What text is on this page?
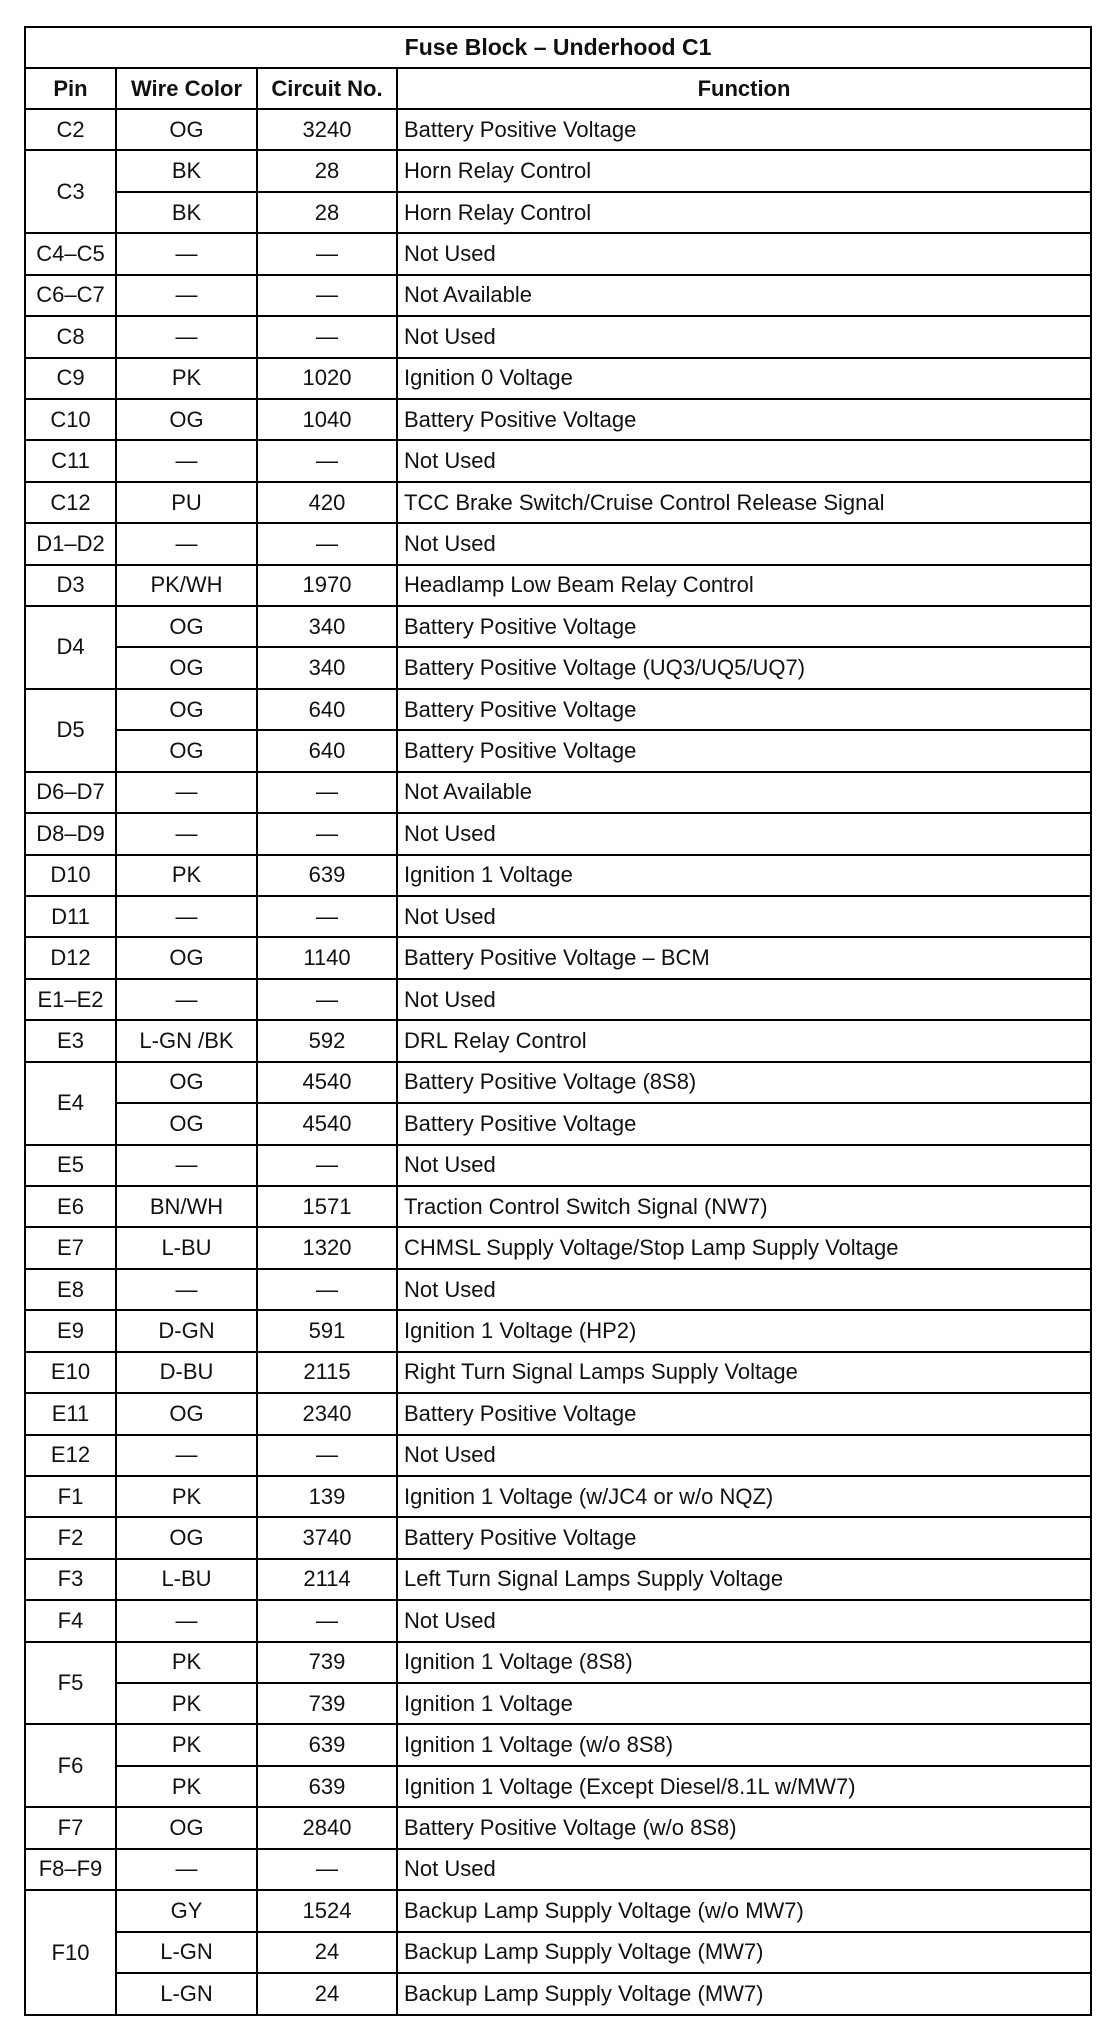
Fuse Block – Underhood C1			
Pin	Wire Color	Circuit No.	Function
C2	OG	3240	Battery Positive Voltage
C3	BK	28	Horn Relay Control
	BK	28	Horn Relay Control
C4–C5	—	—	Not Used
C6–C7	—	—	Not Available
C8	—	—	Not Used
C9	PK	1020	Ignition 0 Voltage
C10	OG	1040	Battery Positive Voltage
C11	—	—	Not Used
C12	PU	420	TCC Brake Switch/Cruise Control Release Signal
D1–D2	—	—	Not Used
D3	PK/WH	1970	Headlamp Low Beam Relay Control
D4	OG	340	Battery Positive Voltage
	OG	340	Battery Positive Voltage (UQ3/UQ5/UQ7)
D5	OG	640	Battery Positive Voltage
	OG	640	Battery Positive Voltage
D6–D7	—	—	Not Available
D8–D9	—	—	Not Used
D10	PK	639	Ignition 1 Voltage
D11	—	—	Not Used
D12	OG	1140	Battery Positive Voltage – BCM
E1–E2	—	—	Not Used
E3	L-GN /BK	592	DRL Relay Control
E4	OG	4540	Battery Positive Voltage (8S8)
	OG	4540	Battery Positive Voltage
E5	—	—	Not Used
E6	BN/WH	1571	Traction Control Switch Signal (NW7)
E7	L-BU	1320	CHMSL Supply Voltage/Stop Lamp Supply Voltage
E8	—	—	Not Used
E9	D-GN	591	Ignition 1 Voltage (HP2)
E10	D-BU	2115	Right Turn Signal Lamps Supply Voltage
E11	OG	2340	Battery Positive Voltage
E12	—	—	Not Used
F1	PK	139	Ignition 1 Voltage (w/JC4 or w/o NQZ)
F2	OG	3740	Battery Positive Voltage
F3	L-BU	2114	Left Turn Signal Lamps Supply Voltage
F4	—	—	Not Used
F5	PK	739	Ignition 1 Voltage (8S8)
	PK	739	Ignition 1 Voltage
F6	PK	639	Ignition 1 Voltage (w/o 8S8)
	PK	639	Ignition 1 Voltage (Except Diesel/8.1L w/MW7)
F7	OG	2840	Battery Positive Voltage (w/o 8S8)
F8–F9	—	—	Not Used
F10	GY	1524	Backup Lamp Supply Voltage (w/o MW7)
	L-GN	24	Backup Lamp Supply Voltage (MW7)
	L-GN	24	Backup Lamp Supply Voltage (MW7)
